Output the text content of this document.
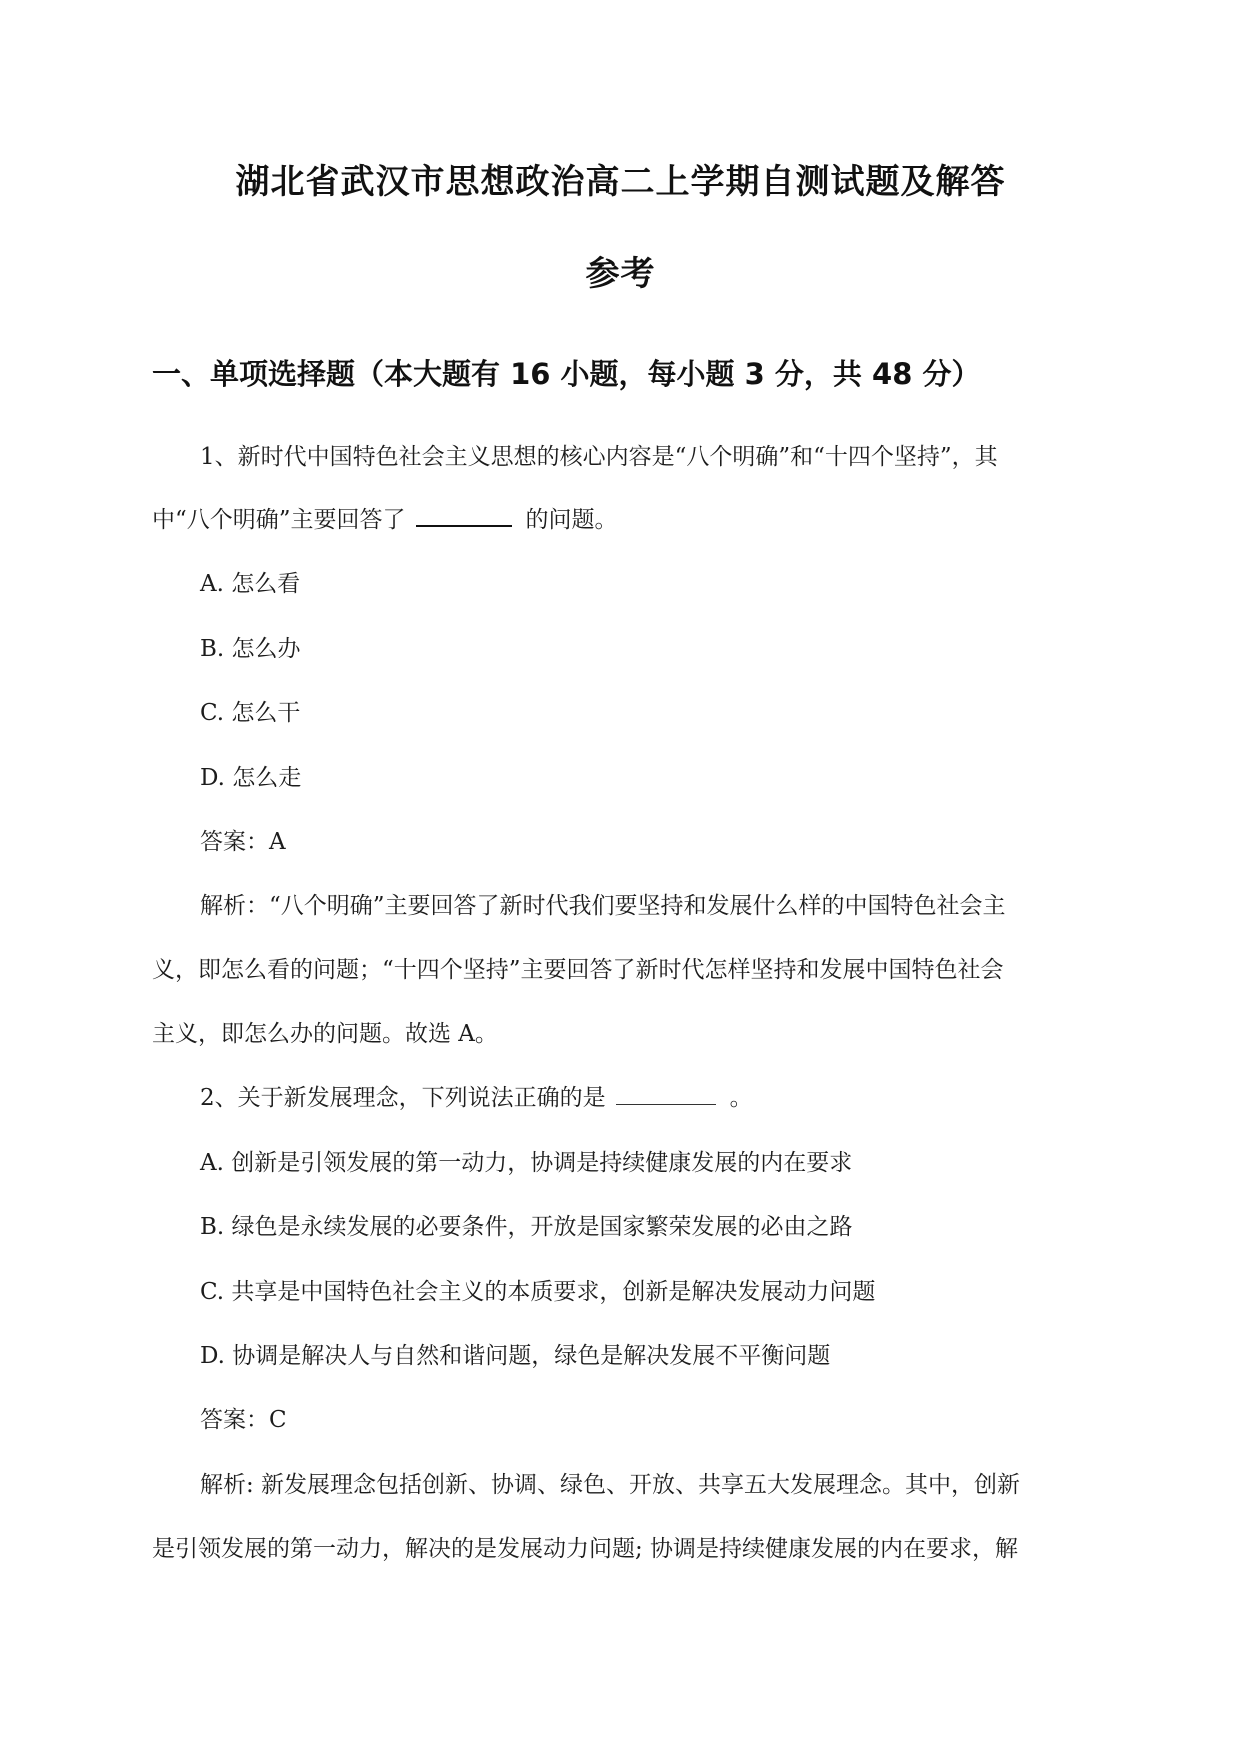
湖北省武汉市思想政治高二上学期自测试题及解答
参考
一、单项选择题（本大题有 16 小题，每小题 3 分，共 48 分）
1、新时代中国特色社会主义思想的核心内容是“八个明确”和“十四个坚持”，其
中“八个明确”主要回答了	的问题。
A. 怎么看
B. 怎么办
C. 怎么干
D. 怎么走
答案：A
解析：“八个明确”主要回答了新时代我们要坚持和发展什么样的中国特色社会主
义，即怎么看的问题；“十四个坚持”主要回答了新时代怎样坚持和发展中国特色社会
主义，即怎么办的问题。故选 A。
2、关于新发展理念，下列说法正确的是	。
A. 创新是引领发展的第一动力，协调是持续健康发展的内在要求
B. 绿色是永续发展的必要条件，开放是国家繁荣发展的必由之路
C. 共享是中国特色社会主义的本质要求，创新是解决发展动力问题
D. 协调是解决人与自然和谐问题，绿色是解决发展不平衡问题
答案：C
解析: 新发展理念包括创新、协调、绿色、开放、共享五大发展理念。其中，创新
是引领发展的第一动力，解决的是发展动力问题; 协调是持续健康发展的内在要求，解
